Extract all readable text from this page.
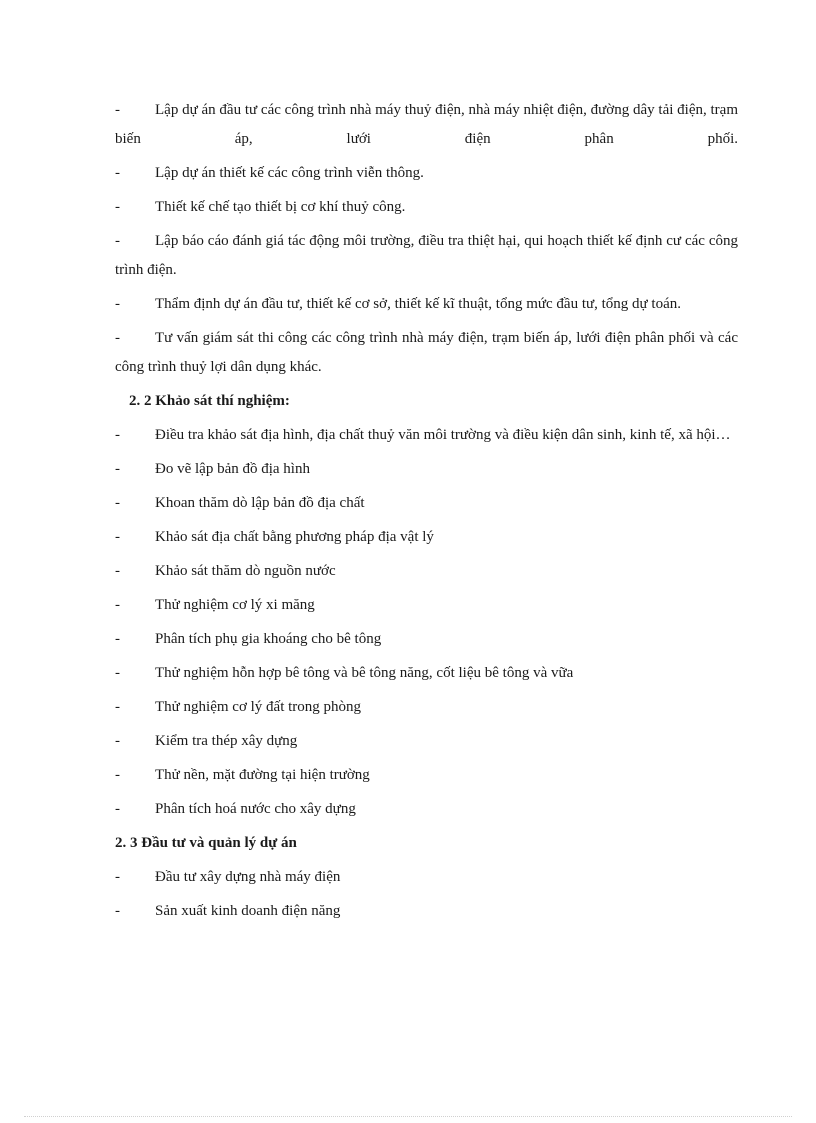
- Lập dự án đầu tư các công trình nhà máy thuỷ điện, nhà máy nhiệt điện, đường dây tải điện, trạm biến áp, lưới điện phân phối.
- Lập dự án thiết kế các công trình viễn thông.
- Thiết kế chế tạo thiết bị cơ khí thuỷ công.
- Lập báo cáo đánh giá tác động môi trường, điều tra thiệt hại, qui hoạch thiết kế định cư các công trình điện.
- Thẩm định dự án đầu tư, thiết kế cơ sở, thiết kế kĩ thuật, tổng mức đầu tư, tổng dự toán.
- Tư vấn giám sát thi công các công trình nhà máy điện, trạm biến áp, lưới điện phân phối và các công trình thuỷ lợi dân dụng khác.
2. 2 Khảo sát thí nghiệm:
- Điều tra khảo sát địa hình, địa chất thuỷ văn môi trường và điều kiện dân sinh, kinh tế, xã hội…
- Đo vẽ lập bản đồ địa hình
- Khoan thăm dò lập bản đồ địa chất
- Khảo sát địa chất bằng phương pháp địa vật lý
- Khảo sát thăm dò nguồn nước
- Thử nghiệm cơ lý xi măng
- Phân tích phụ gia khoáng cho bê tông
- Thử nghiệm hỗn hợp bê tông và bê tông năng, cốt liệu bê tông và vữa
- Thử nghiệm cơ lý đất trong phòng
- Kiểm tra thép xây dựng
- Thử nền, mặt đường tại hiện trường
- Phân tích hoá nước cho xây dựng
2. 3 Đầu tư và quản lý dự án
- Đầu tư xây dựng nhà máy điện
- Sản xuất kinh doanh điện năng
